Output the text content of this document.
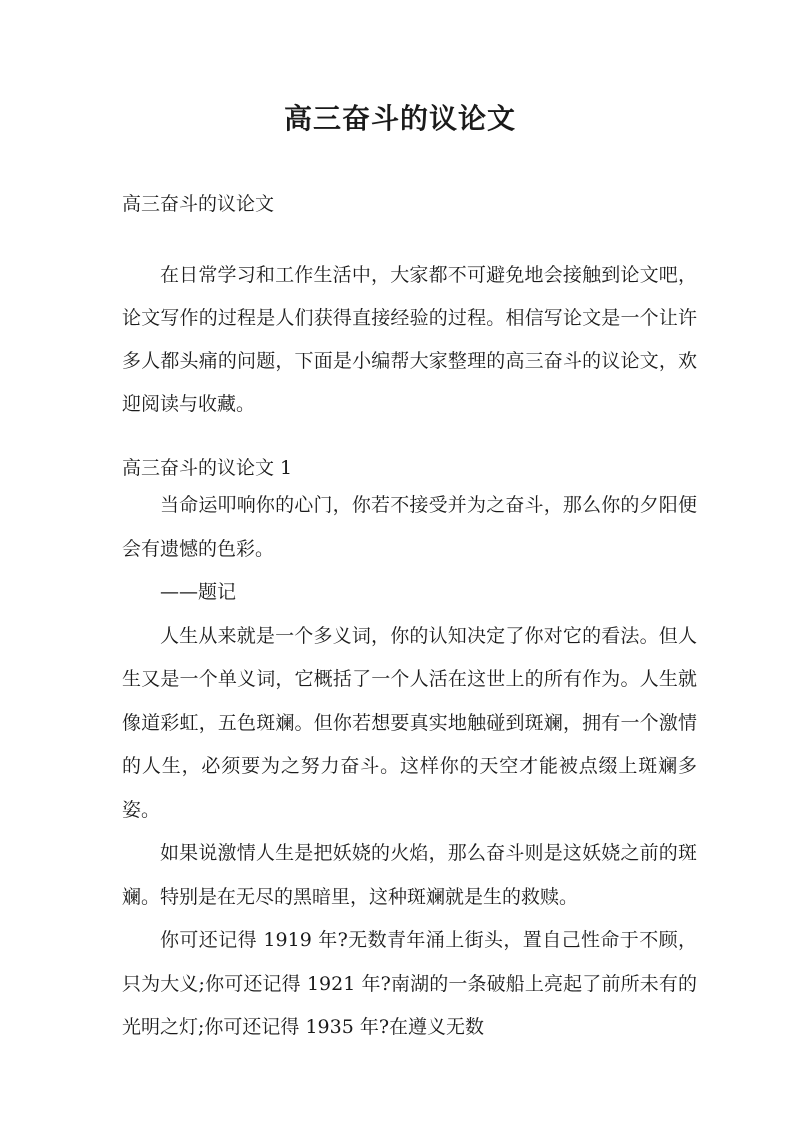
高三奋斗的议论文
高三奋斗的议论文

在日常学习和工作生活中，大家都不可避免地会接触到论文吧，论文写作的过程是人们获得直接经验的过程。相信写论文是一个让许多人都头痛的问题，下面是小编帮大家整理的高三奋斗的议论文，欢迎阅读与收藏。

高三奋斗的议论文 1

当命运叩响你的心门，你若不接受并为之奋斗，那么你的夕阳便会有遗憾的色彩。

——题记

人生从来就是一个多义词，你的认知决定了你对它的看法。但人生又是一个单义词，它概括了一个人活在这世上的所有作为。人生就像道彩虹，五色斑斓。但你若想要真实地触碰到斑斓，拥有一个激情的人生，必须要为之努力奋斗。这样你的天空才能被点缀上斑斓多姿。

如果说激情人生是把妖娆的火焰，那么奋斗则是这妖娆之前的斑斓。特别是在无尽的黑暗里，这种斑斓就是生的救赎。

你可还记得 1919 年?无数青年涌上街头，置自己性命于不顾，只为大义;你可还记得 1921 年?南湖的一条破船上亮起了前所未有的光明之灯;你可还记得 1935 年?在遵义无数
